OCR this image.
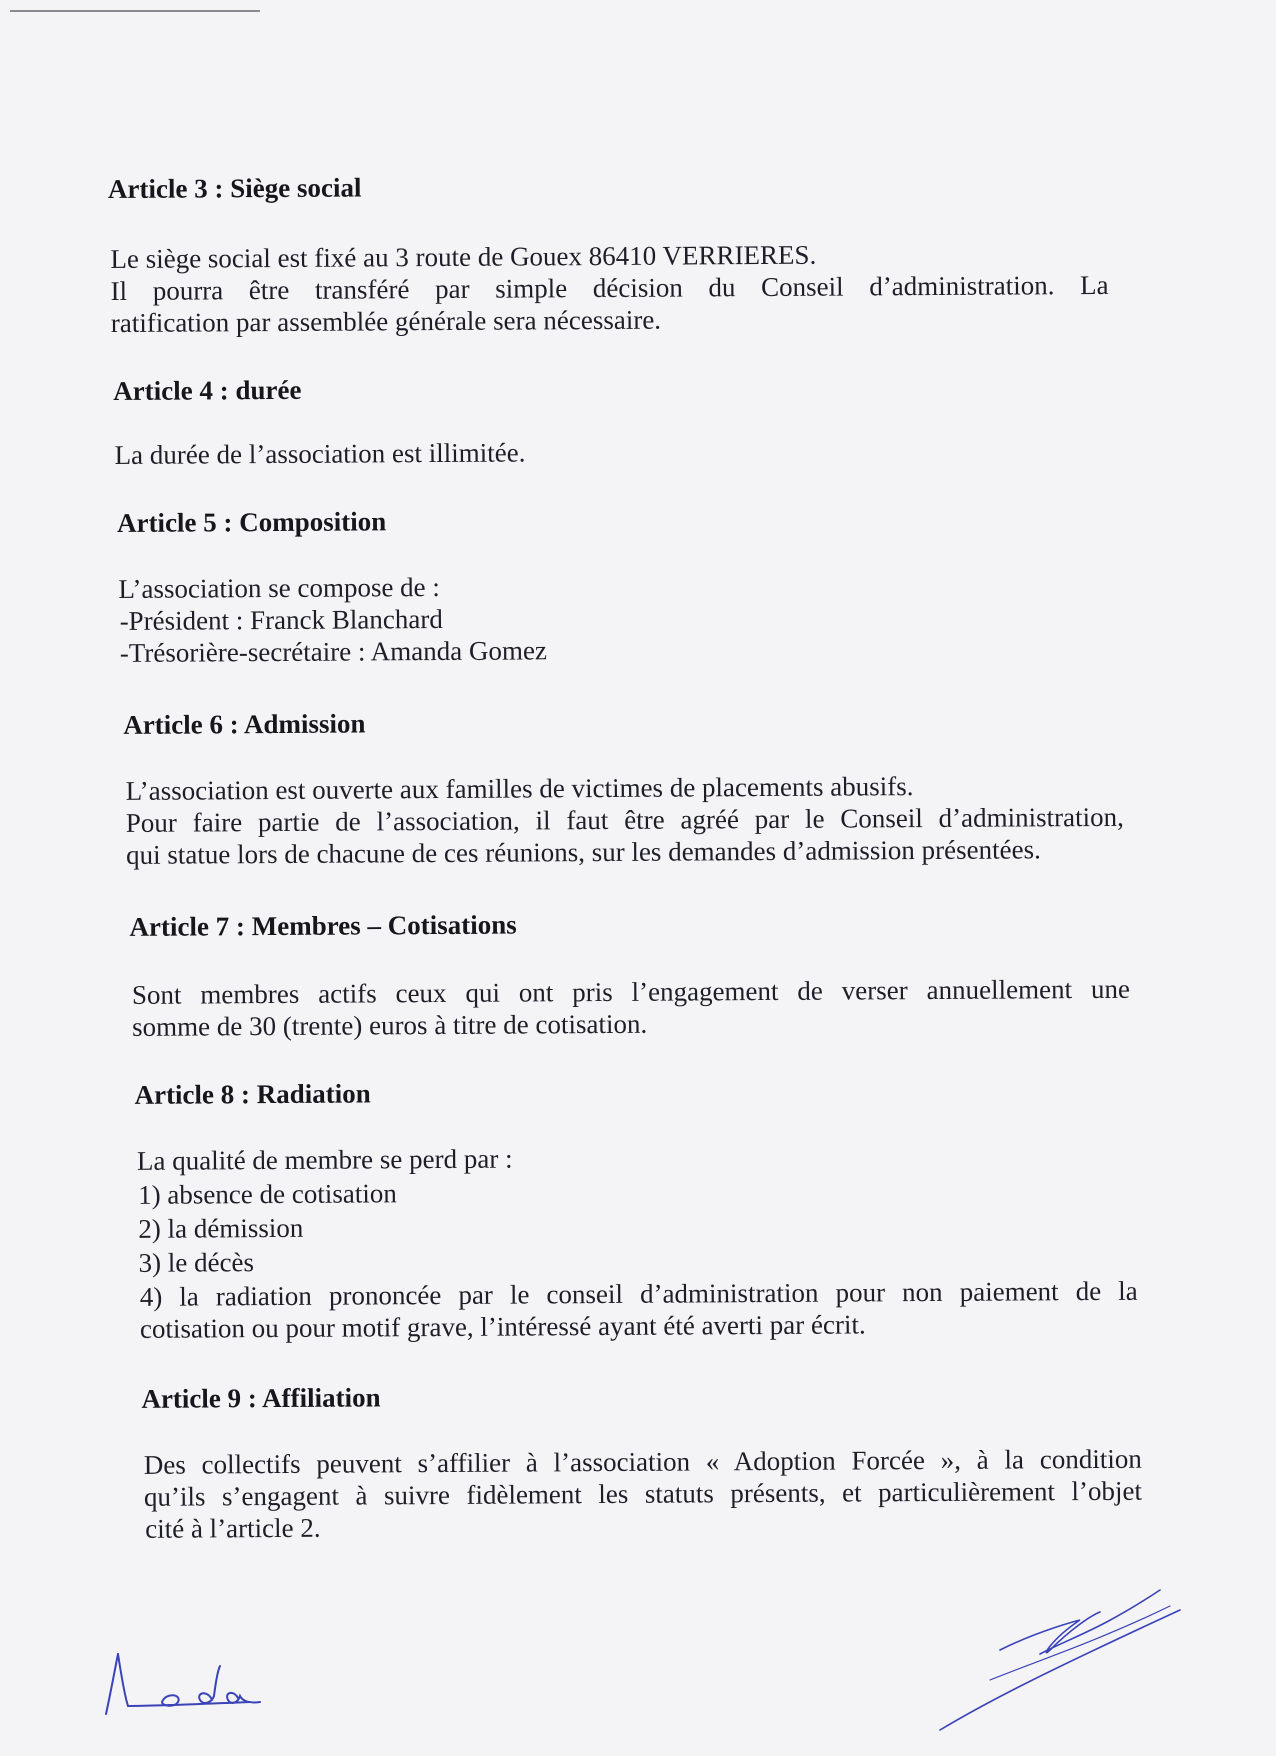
Article 3 : Siège social
Le siège social est fixé au 3 route de Gouex 86410 VERRIERES.
Il pourra être transféré par simple décision du Conseil d’administration. La
ratification par assemblée générale sera nécessaire.
Article 4 : durée
La durée de l’association est illimitée.
Article 5 : Composition
L’association se compose de :
-Président : Franck Blanchard
-Trésorière-secrétaire : Amanda Gomez
Article 6 : Admission
L’association est ouverte aux familles de victimes de placements abusifs.
Pour faire partie de l’association, il faut être agréé par le Conseil d’administration,
qui statue lors de chacune de ces réunions, sur les demandes d’admission présentées.
Article 7 : Membres – Cotisations
Sont membres actifs ceux qui ont pris l’engagement de verser annuellement une
somme de 30 (trente) euros à titre de cotisation.
Article 8 : Radiation
La qualité de membre se perd par :
1) absence de cotisation
2) la démission
3) le décès
4) la radiation prononcée par le conseil d’administration pour non paiement de la
cotisation ou pour motif grave, l’intéressé ayant été averti par écrit.
Article 9 : Affiliation
Des collectifs peuvent s’affilier à l’association « Adoption Forcée », à la condition
qu’ils s’engagent à suivre fidèlement les statuts présents, et particulièrement l’objet
cité à l’article 2.
